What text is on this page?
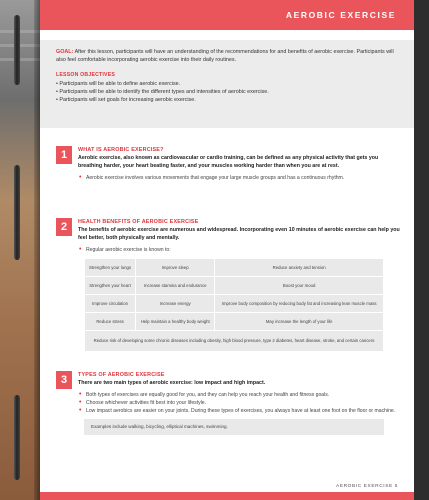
AEROBIC EXERCISE
GOAL: After this lesson, participants will have an understanding of the recommendations for and benefits of aerobic exercise. Participants will also feel comfortable incorporating aerobic exercise into their daily routines.
LESSON OBJECTIVES
• Participants will be able to define aerobic exercise.
• Participants will be able to identify the different types and intensities of aerobic exercise.
• Participants will set goals for increasing aerobic exercise.
1	WHAT IS AEROBIC EXERCISE?
Aerobic exercise, also known as cardiovascular or cardio training, can be defined as any physical activity that gets you breathing harder, your heart beating faster, and your muscles working harder than when you are at rest.
• Aerobic exercise involves various movements that engage your large muscle groups and has a continuous rhythm.
2	HEALTH BENEFITS OF AEROBIC EXERCISE
The benefits of aerobic exercise are numerous and widespread. Incorporating even 10 minutes of aerobic exercise can help you feel better, both physically and mentally.
• Regular aerobic exercise is known to:
Strengthen your lungs	Improve sleep	Reduce anxiety and tension
Strengthen your heart	Increase stamina and endurance	Boost your mood
Improve circulation	Increase energy	Improve body composition by reducing body fat and increasing lean muscle mass
Reduce stress	Help maintain a healthy body weight	May increase the length of your life
Reduce risk of developing some chronic diseases including obesity, high blood pressure, type 2 diabetes, heart disease, stroke, and certain cancers		
3	TYPES OF AEROBIC EXERCISE
There are two main types of aerobic exercise: low impact and high impact.
• Both types of exercises are equally good for you, and they can help you reach your health and fitness goals.
• Choose whichever activities fit best into your lifestyle.
• Low impact aerobics are easier on your joints. During these types of exercises, you always have at least one foot on the floor or machine.
Examples include walking, bicycling, elliptical machines, swimming.
AEROBIC EXERCISE 5
